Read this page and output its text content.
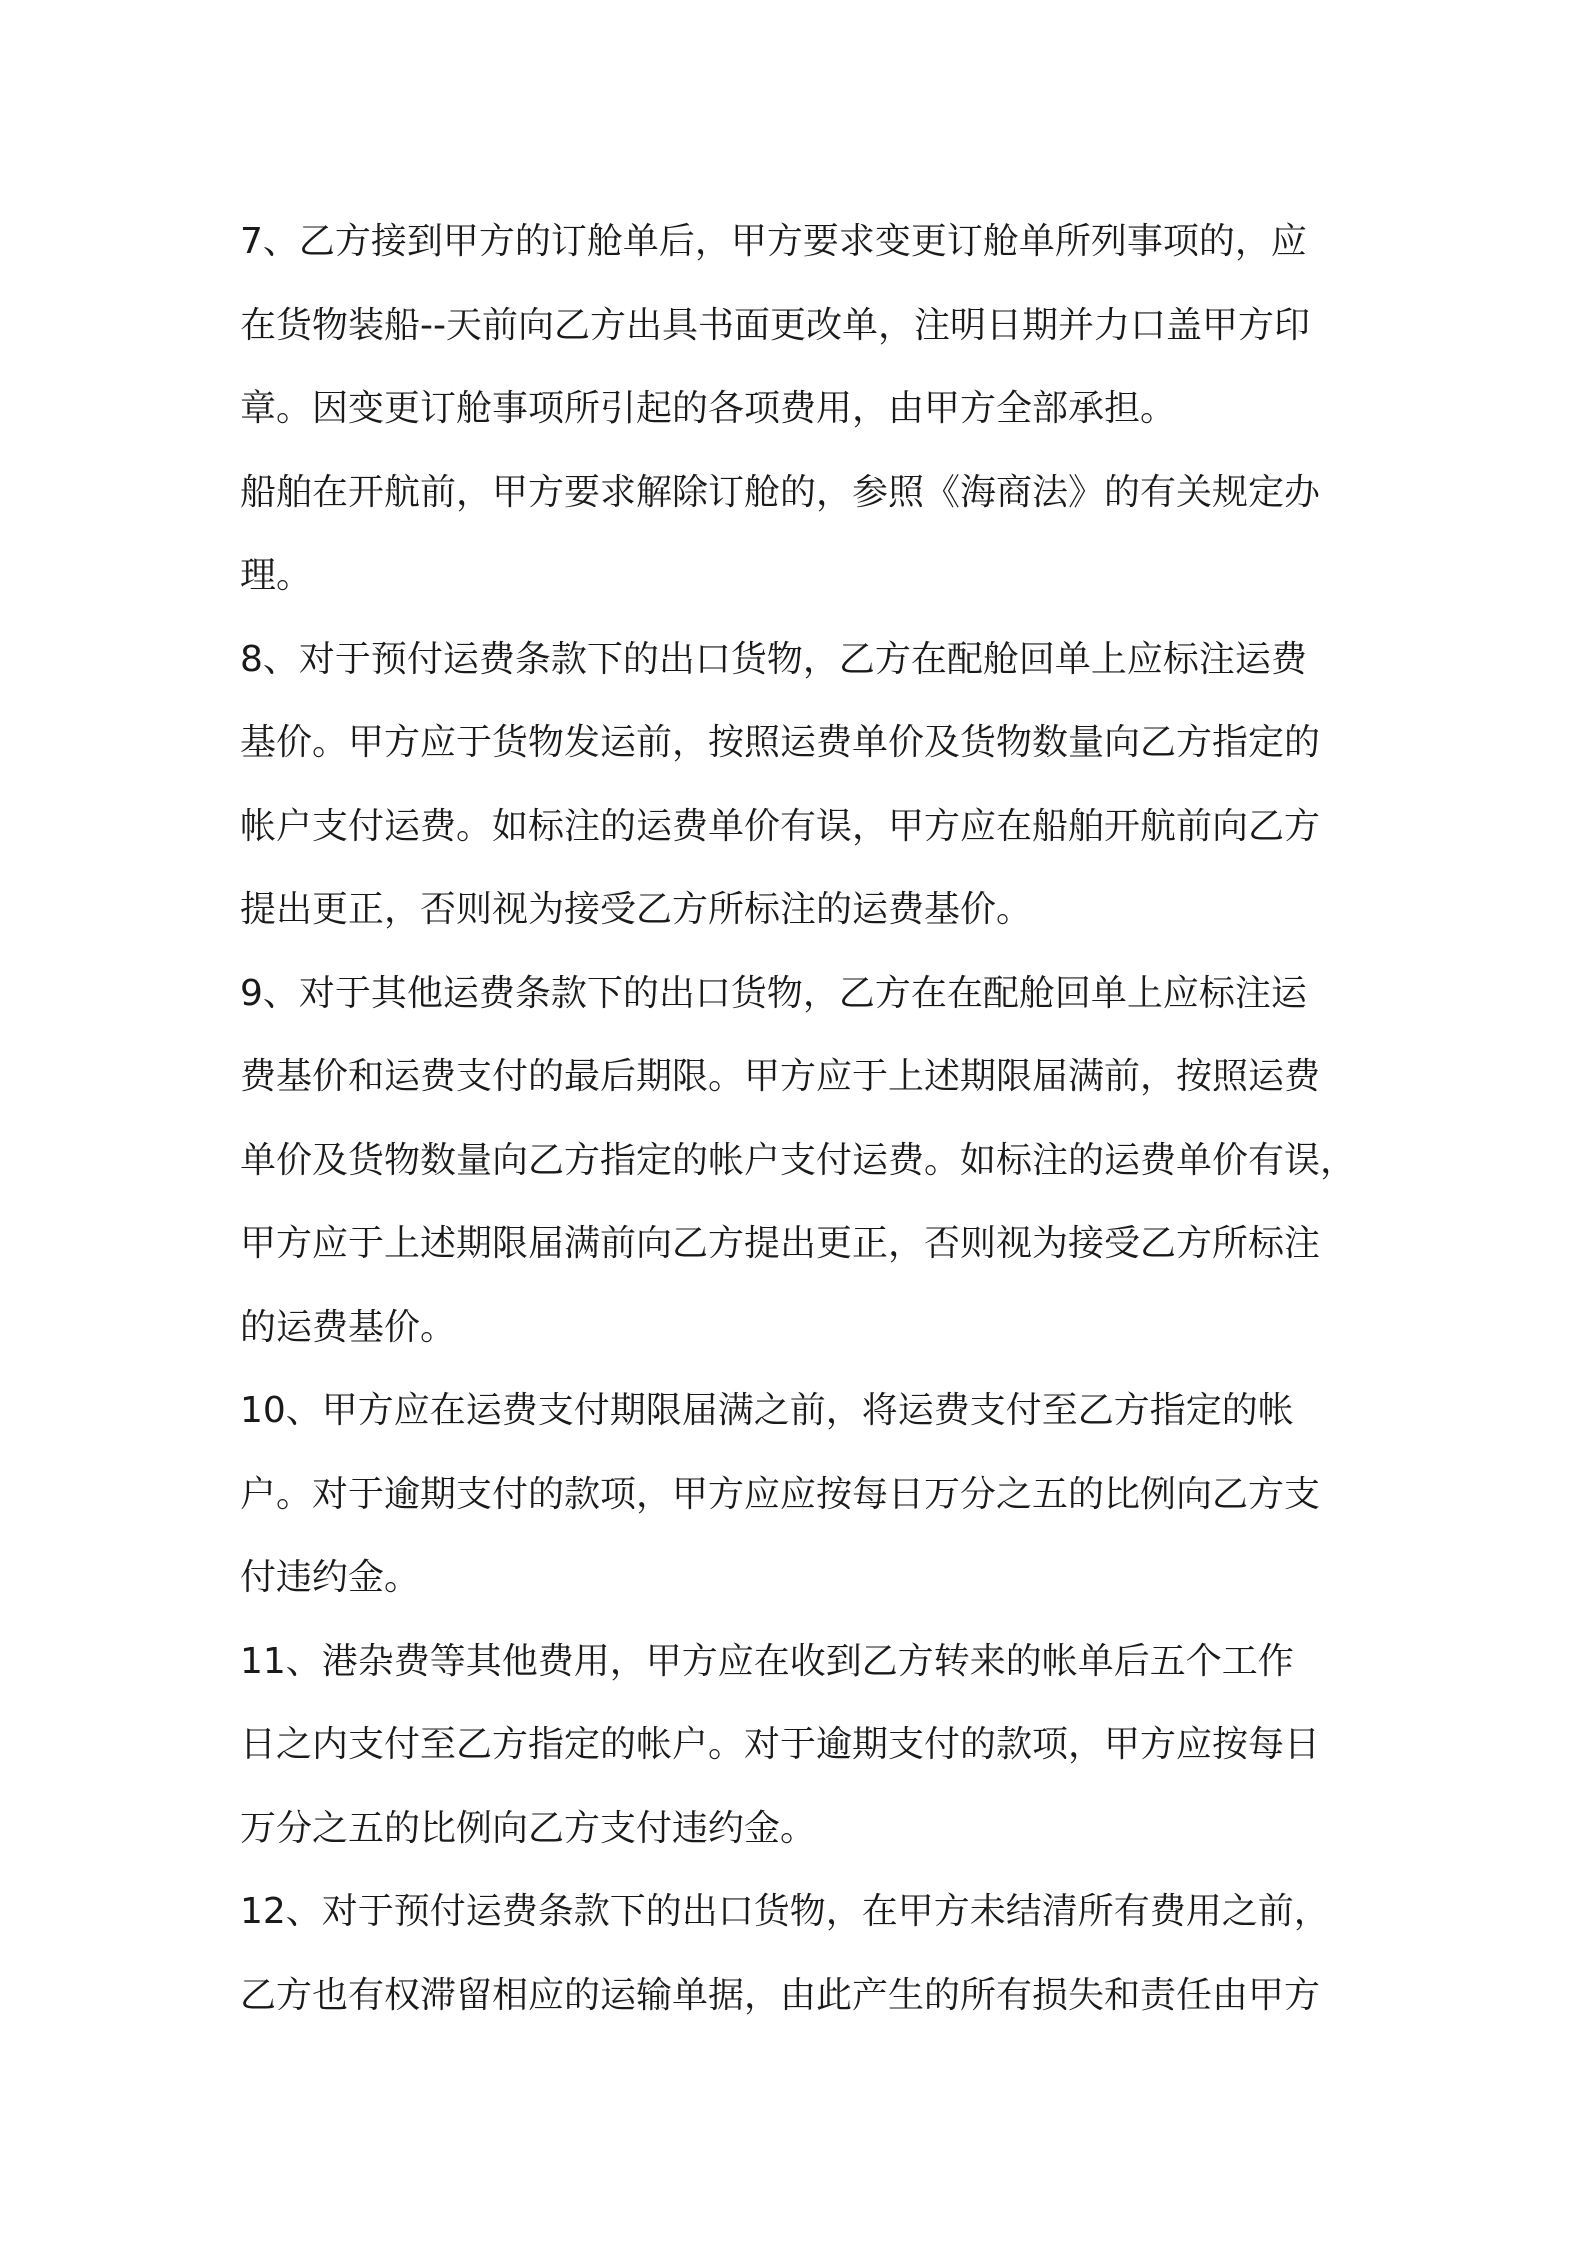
7、乙方接到甲方的订舱单后，甲方要求变更订舱单所列事项的，应
在货物装船--天前向乙方出具书面更改单，注明日期并力口盖甲方印
章。因变更订舱事项所引起的各项费用，由甲方全部承担。
船舶在开航前，甲方要求解除订舱的，参照《海商法》的有关规定办
理。
8、对于预付运费条款下的出口货物，乙方在配舱回单上应标注运费
基价。甲方应于货物发运前，按照运费单价及货物数量向乙方指定的
帐户支付运费。如标注的运费单价有误，甲方应在船舶开航前向乙方
提出更正，否则视为接受乙方所标注的运费基价。
9、对于其他运费条款下的出口货物，乙方在在配舱回单上应标注运
费基价和运费支付的最后期限。甲方应于上述期限届满前，按照运费
单价及货物数量向乙方指定的帐户支付运费。如标注的运费单价有误，
甲方应于上述期限届满前向乙方提出更正，否则视为接受乙方所标注
的运费基价。
10、甲方应在运费支付期限届满之前，将运费支付至乙方指定的帐
户。对于逾期支付的款项，甲方应应按每日万分之五的比例向乙方支
付违约金。
11、港杂费等其他费用，甲方应在收到乙方转来的帐单后五个工作
日之内支付至乙方指定的帐户。对于逾期支付的款项，甲方应按每日
万分之五的比例向乙方支付违约金。
12、对于预付运费条款下的出口货物，在甲方未结清所有费用之前，
乙方也有权滞留相应的运输单据，由此产生的所有损失和责任由甲方
